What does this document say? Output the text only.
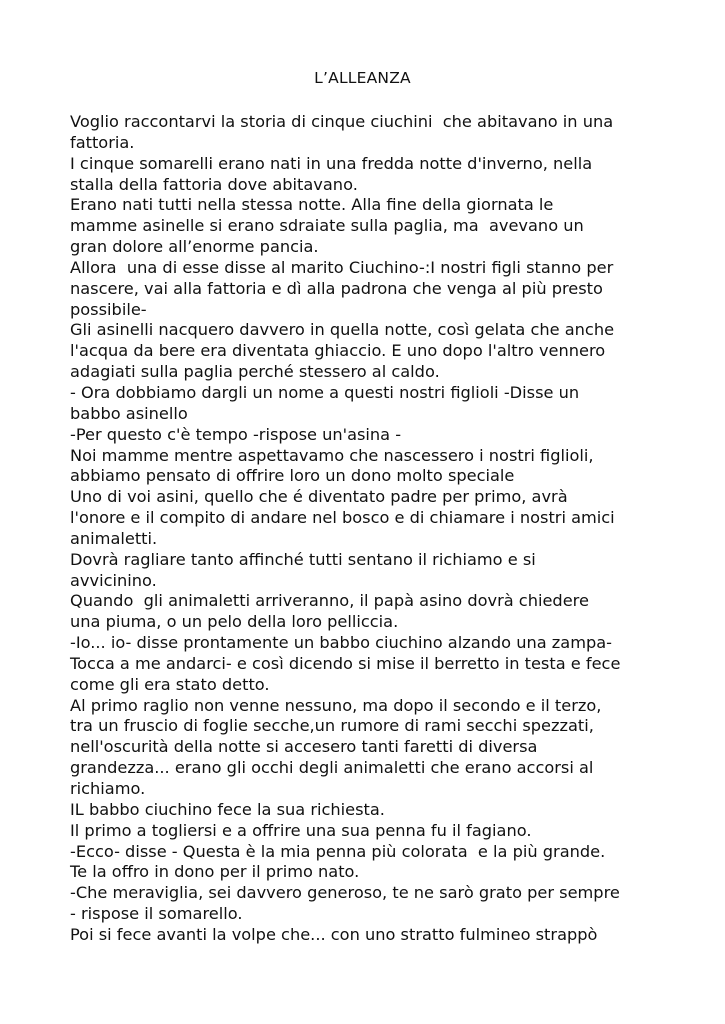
L’ALLEANZA
Voglio raccontarvi la storia di cinque ciuchini  che abitavano in una
fattoria.
I cinque somarelli erano nati in una fredda notte d'inverno, nella
stalla della fattoria dove abitavano.
Erano nati tutti nella stessa notte. Alla fine della giornata le
mamme asinelle si erano sdraiate sulla paglia, ma  avevano un
gran dolore all’enorme pancia.
Allora  una di esse disse al marito Ciuchino-:I nostri figli stanno per
nascere, vai alla fattoria e dì alla padrona che venga al più presto
possibile-
Gli asinelli nacquero davvero in quella notte, così gelata che anche
l'acqua da bere era diventata ghiaccio. E uno dopo l'altro vennero
adagiati sulla paglia perché stessero al caldo.
- Ora dobbiamo dargli un nome a questi nostri figlioli -Disse un
babbo asinello
-Per questo c'è tempo -rispose un'asina -
Noi mamme mentre aspettavamo che nascessero i nostri figlioli,
abbiamo pensato di offrire loro un dono molto speciale
Uno di voi asini, quello che é diventato padre per primo, avrà
l'onore e il compito di andare nel bosco e di chiamare i nostri amici
animaletti.
Dovrà ragliare tanto affinché tutti sentano il richiamo e si
avvicinino.
Quando  gli animaletti arriveranno, il papà asino dovrà chiedere
una piuma, o un pelo della loro pelliccia.
-Io... io- disse prontamente un babbo ciuchino alzando una zampa-
Tocca a me andarci- e così dicendo si mise il berretto in testa e fece
come gli era stato detto.
Al primo raglio non venne nessuno, ma dopo il secondo e il terzo,
tra un fruscio di foglie secche,un rumore di rami secchi spezzati,
nell'oscurità della notte si accesero tanti faretti di diversa
grandezza... erano gli occhi degli animaletti che erano accorsi al
richiamo.
IL babbo ciuchino fece la sua richiesta.
Il primo a togliersi e a offrire una sua penna fu il fagiano.
-Ecco- disse - Questa è la mia penna più colorata  e la più grande.
Te la offro in dono per il primo nato.
-Che meraviglia, sei davvero generoso, te ne sarò grato per sempre
- rispose il somarello.
Poi si fece avanti la volpe che... con uno stratto fulmineo strappò
